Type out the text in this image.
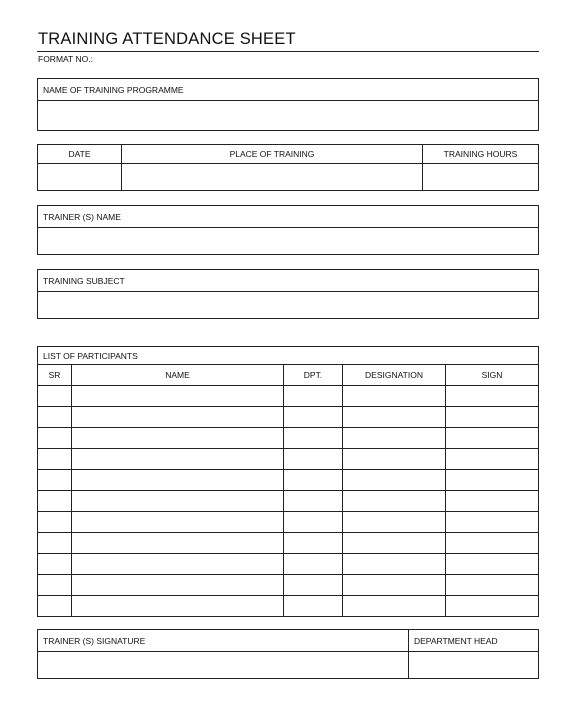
TRAINING ATTENDANCE SHEET
FORMAT NO.:
NAME OF TRAINING PROGRAMME
DATE	PLACE OF TRAINING	TRAINING HOURS

TRAINER (S) NAME
TRAINING SUBJECT
LIST OF PARTICIPANTS				
SR	NAME	DPT.	DESIGNATION	SIGN

TRAINER (S) SIGNATURE	DEPARTMENT HEAD
